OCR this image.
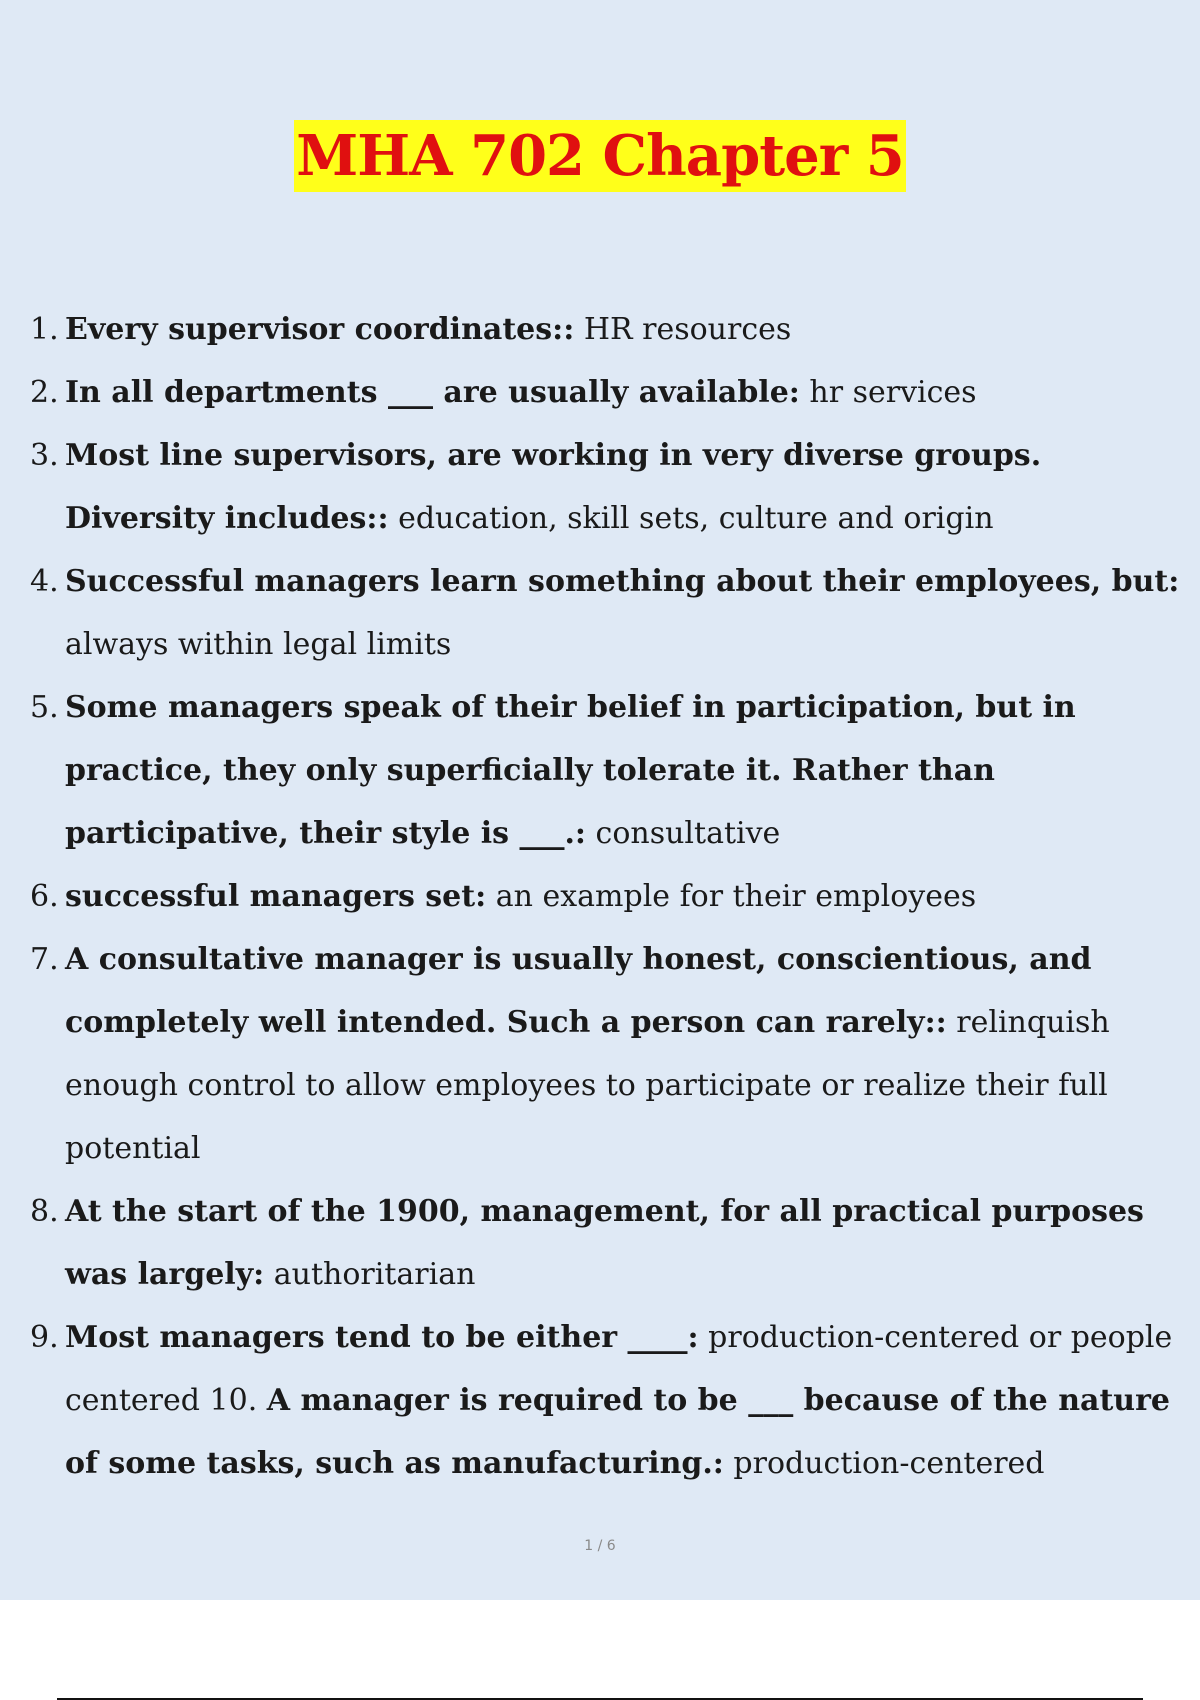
MHA 702 Chapter 5
1. Every supervisor coordinates:: HR resources
2. In all departments ___ are usually available: hr services
3. Most line supervisors, are working in very diverse groups. Diversity includes:: education, skill sets, culture and origin
4. Successful managers learn something about their employees, but: always within legal limits
5. Some managers speak of their belief in participation, but in practice, they only superficially tolerate it. Rather than participative, their style is ___.: consultative
6. successful managers set: an example for their employees
7. A consultative manager is usually honest, conscientious, and completely well intended. Such a person can rarely:: relinquish enough control to allow employees to participate or realize their full potential
8. At the start of the 1900, management, for all practical purposes was largely: authoritarian
9. Most managers tend to be either ____: production-centered or people centered 10. A manager is required to be ___ because of the nature of some tasks, such as manufacturing.: production-centered
1 / 6
